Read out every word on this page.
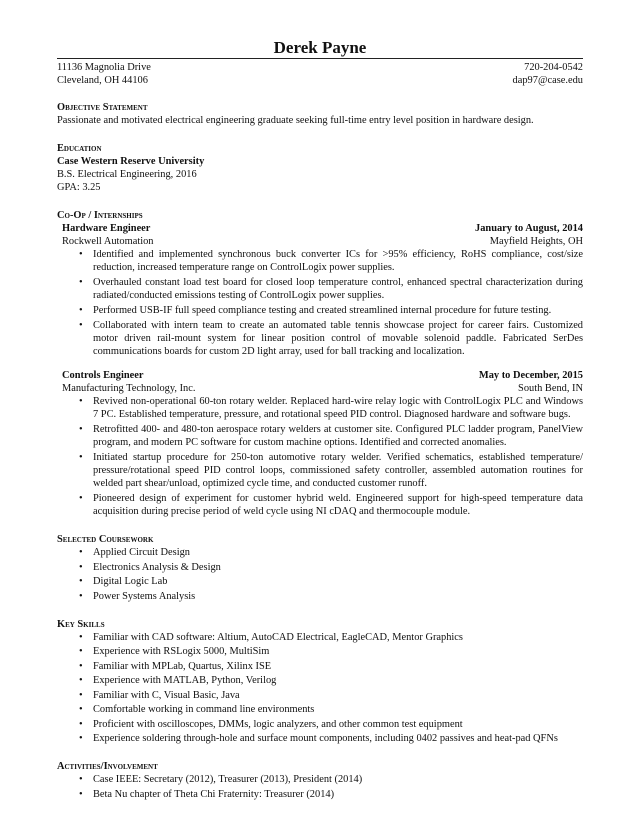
Derek Payne
11136 Magnolia Drive	720-204-0542
Cleveland, OH 44106	dap97@case.edu
Objective Statement
Passionate and motivated electrical engineering graduate seeking full-time entry level position in hardware design.
Education
Case Western Reserve University
B.S. Electrical Engineering, 2016
GPA: 3.25
Co-Op / Internships
Hardware Engineer	January to August, 2014
Rockwell Automation	Mayfield Heights, OH
• Identified and implemented synchronous buck converter ICs for >95% efficiency, RoHS compliance, cost/size reduction, increased temperature range on ControlLogix power supplies.
• Overhauled constant load test board for closed loop temperature control, enhanced spectral characterization during radiated/conducted emissions testing of ControlLogix power supplies.
• Performed USB-IF full speed compliance testing and created streamlined internal procedure for future testing.
• Collaborated with intern team to create an automated table tennis showcase project for career fairs. Customized motor driven rail-mount system for linear position control of movable solenoid paddle. Fabricated SerDes communications boards for custom 2D light array, used for ball tracking and localization.
Controls Engineer	May to December, 2015
Manufacturing Technology, Inc.	South Bend, IN
• Revived non-operational 60-ton rotary welder. Replaced hard-wire relay logic with ControlLogix PLC and Windows 7 PC. Established temperature, pressure, and rotational speed PID control. Diagnosed hardware and software bugs.
• Retrofitted 400- and 480-ton aerospace rotary welders at customer site. Configured PLC ladder program, PanelView program, and modern PC software for custom machine options. Identified and corrected anomalies.
• Initiated startup procedure for 250-ton automotive rotary welder. Verified schematics, established temperature/ pressure/rotational speed PID control loops, commissioned safety controller, assembled automation routines for welded part shear/unload, optimized cycle time, and conducted customer runoff.
• Pioneered design of experiment for customer hybrid weld. Engineered support for high-speed temperature data acquisition during precise period of weld cycle using NI cDAQ and thermocouple module.
Selected Coursework
• Applied Circuit Design
• Electronics Analysis & Design
• Digital Logic Lab
• Power Systems Analysis
Key Skills
• Familiar with CAD software: Altium, AutoCAD Electrical, EagleCAD, Mentor Graphics
• Experience with RSLogix 5000, MultiSim
• Familiar with MPLab, Quartus, Xilinx ISE
• Experience with MATLAB, Python, Verilog
• Familiar with C, Visual Basic, Java
• Comfortable working in command line environments
• Proficient with oscilloscopes, DMMs, logic analyzers, and other common test equipment
• Experience soldering through-hole and surface mount components, including 0402 passives and heat-pad QFNs
Activities/Involvement
• Case IEEE: Secretary (2012), Treasurer (2013), President (2014)
• Beta Nu chapter of Theta Chi Fraternity: Treasurer (2014)
